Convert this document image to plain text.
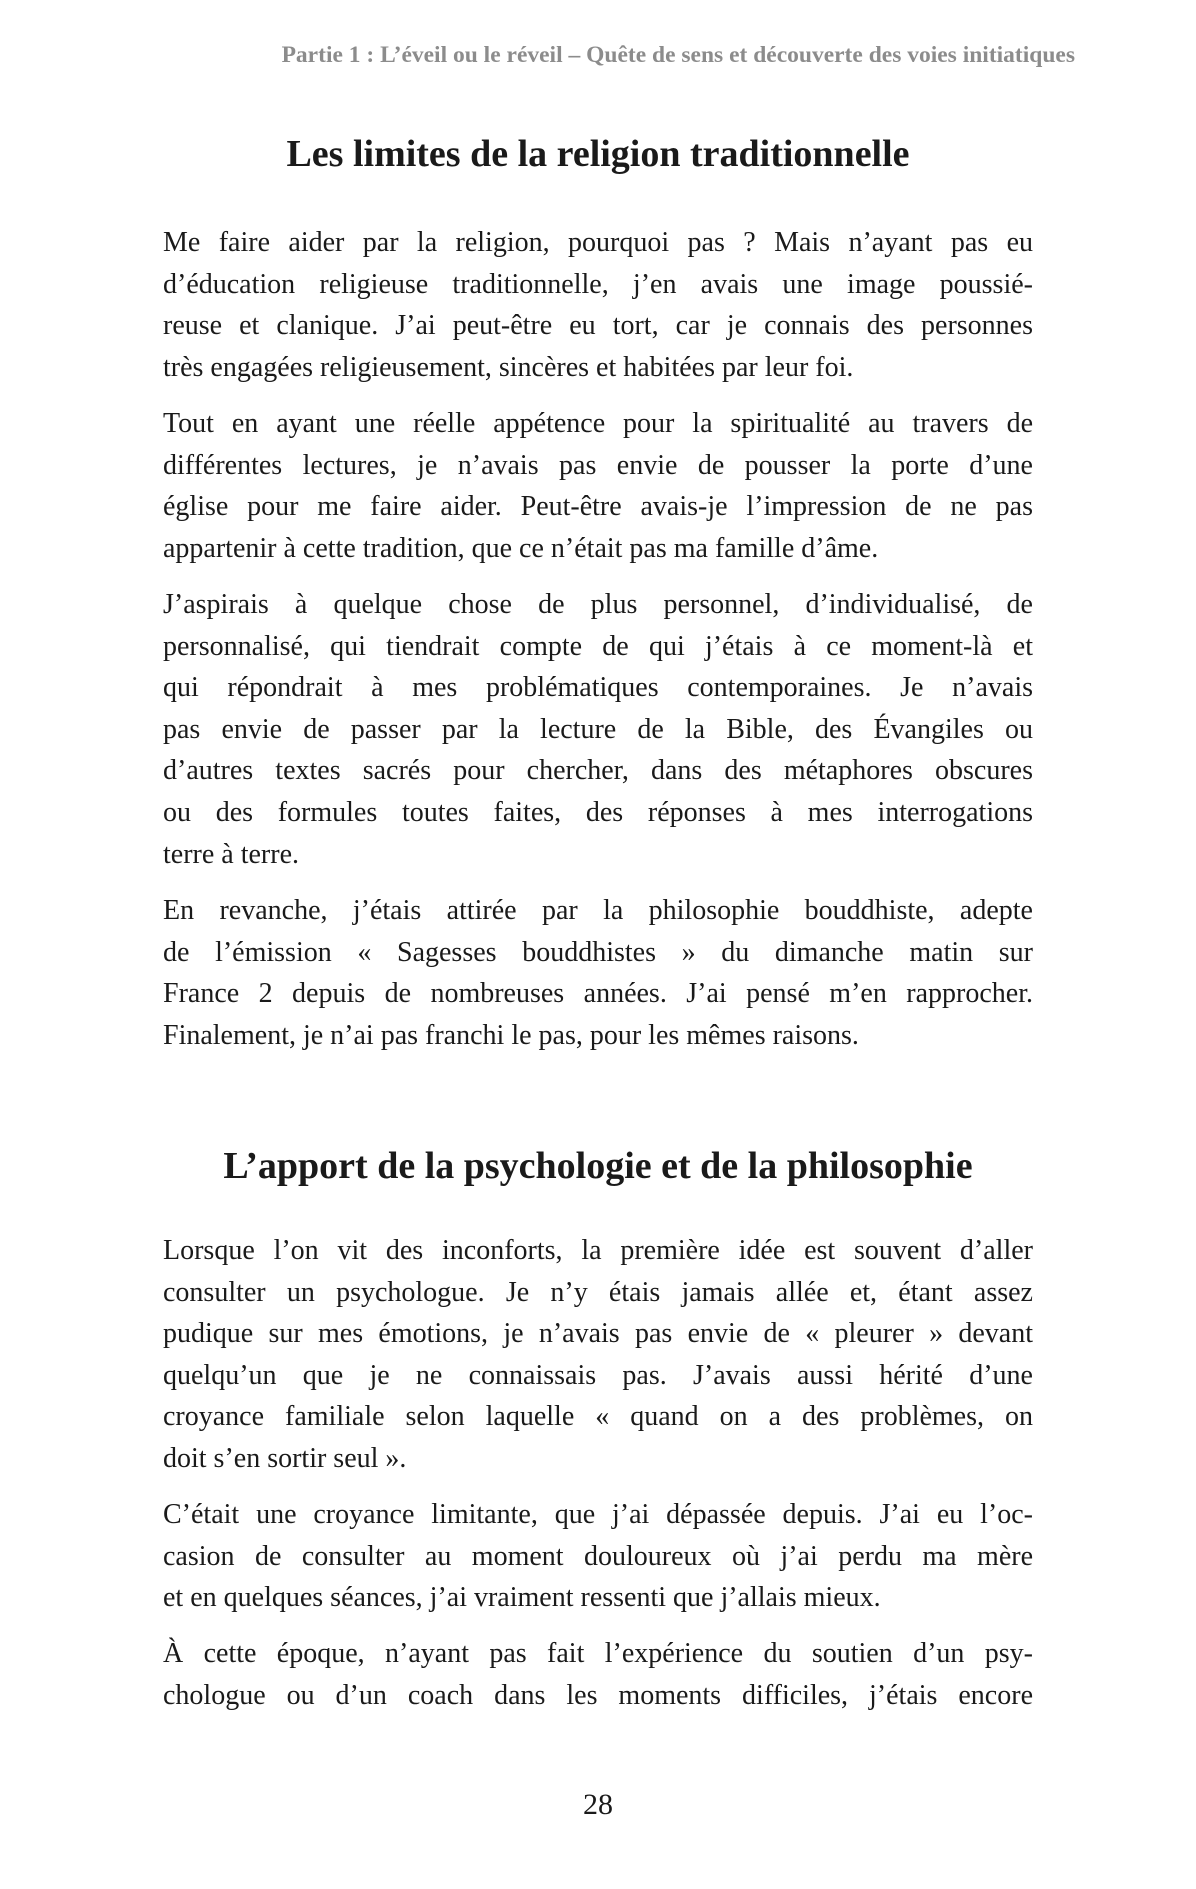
Partie 1 : L’éveil ou le réveil – Quête de sens et découverte des voies initiatiques
Les limites de la religion traditionnelle

Me faire aider par la religion, pourquoi pas ? Mais n’ayant pas eu
d’éducation religieuse traditionnelle, j’en avais une image poussié-
reuse et clanique. J’ai peut-être eu tort, car je connais des personnes
très engagées religieusement, sincères et habitées par leur foi.

Tout en ayant une réelle appétence pour la spiritualité au travers de
différentes lectures, je n’avais pas envie de pousser la porte d’une
église pour me faire aider. Peut-être avais-je l’impression de ne pas
appartenir à cette tradition, que ce n’était pas ma famille d’âme.

J’aspirais à quelque chose de plus personnel, d’individualisé, de
personnalisé, qui tiendrait compte de qui j’étais à ce moment-là et
qui répondrait à mes problématiques contemporaines. Je n’avais
pas envie de passer par la lecture de la Bible, des Évangiles ou
d’autres textes sacrés pour chercher, dans des métaphores obscures
ou des formules toutes faites, des réponses à mes interrogations
terre à terre.

En revanche, j’étais attirée par la philosophie bouddhiste, adepte
de l’émission « Sagesses bouddhistes » du dimanche matin sur
France 2 depuis de nombreuses années. J’ai pensé m’en rapprocher.
Finalement, je n’ai pas franchi le pas, pour les mêmes raisons.

L’apport de la psychologie et de la philosophie

Lorsque l’on vit des inconforts, la première idée est souvent d’aller
consulter un psychologue. Je n’y étais jamais allée et, étant assez
pudique sur mes émotions, je n’avais pas envie de « pleurer » devant
quelqu’un que je ne connaissais pas. J’avais aussi hérité d’une
croyance familiale selon laquelle « quand on a des problèmes, on
doit s’en sortir seul ».

C’était une croyance limitante, que j’ai dépassée depuis. J’ai eu l’oc-
casion de consulter au moment douloureux où j’ai perdu ma mère
et en quelques séances, j’ai vraiment ressenti que j’allais mieux.

À cette époque, n’ayant pas fait l’expérience du soutien d’un psy-
chologue ou d’un coach dans les moments difficiles, j’étais encore

28
